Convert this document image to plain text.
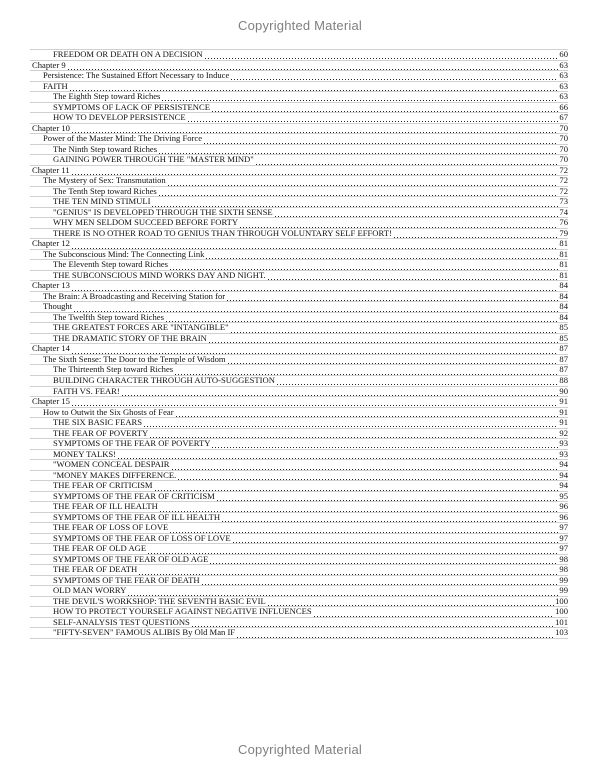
Copyrighted Material
FREEDOM OR DEATH ON A DECISION	60
Chapter 9	63
Persistence: The Sustained Effort Necessary to Induce	63
FAITH	63
The Eighth Step toward Riches	63
SYMPTOMS OF LACK OF PERSISTENCE	66
HOW TO DEVELOP PERSISTENCE	67
Chapter 10	70
Power of the Master Mind: The Driving Force	70
The Ninth Step toward Riches	70
GAINING POWER THROUGH THE "MASTER MIND"	70
Chapter 11	72
The Mystery of Sex: Transmutation	72
The Tenth Step toward Riches	72
THE TEN MIND STIMULI	73
"GENIUS" IS DEVELOPED THROUGH THE SIXTH SENSE	74
WHY MEN SELDOM SUCCEED BEFORE FORTY	76
THERE IS NO OTHER ROAD TO GENIUS THAN THROUGH VOLUNTARY SELF EFFORT!	79
Chapter 12	81
The Subconscious Mind: The Connecting Link	81
The Eleventh Step toward Riches	81
THE SUBCONSCIOUS MIND WORKS DAY AND NIGHT.	81
Chapter 13	84
The Brain: A Broadcasting and Receiving Station for	84
Thought	84
The Twelfth Step toward Riches	84
THE GREATEST FORCES ARE "INTANGIBLE"	85
THE DRAMATIC STORY OF THE BRAIN	85
Chapter 14	87
The Sixth Sense: The Door to the Temple of Wisdom	87
The Thirteenth Step toward Riches	87
BUILDING CHARACTER THROUGH AUTO-SUGGESTION	88
FAITH VS. FEAR!	90
Chapter 15	91
How to Outwit the Six Ghosts of Fear	91
THE SIX BASIC FEARS	91
THE FEAR OF POVERTY	92
SYMPTOMS OF THE FEAR OF POVERTY	93
MONEY TALKS!	93
"WOMEN CONCEAL DESPAIR	94
"MONEY MAKES DIFFERENCE.	94
THE FEAR OF CRITICISM	94
SYMPTOMS OF THE FEAR OF CRITICISM	95
THE FEAR OF ILL HEALTH	96
SYMPTOMS OF THE FEAR OF ILL HEALTH	96
THE FEAR OF LOSS OF LOVE	97
SYMPTOMS OF THE FEAR OF LOSS OF LOVE	97
THE FEAR OF OLD AGE	97
SYMPTOMS OF THE FEAR OF OLD AGE	98
THE FEAR OF DEATH	98
SYMPTOMS OF THE FEAR OF DEATH	99
OLD MAN WORRY	99
THE DEVIL'S WORKSHOP: THE SEVENTH BASIC EVIL	100
HOW TO PROTECT YOURSELF AGAINST NEGATIVE INFLUENCES	100
SELF-ANALYSIS TEST QUESTIONS	101
"FIFTY-SEVEN" FAMOUS ALIBIS By Old Man IF	103
Copyrighted Material
